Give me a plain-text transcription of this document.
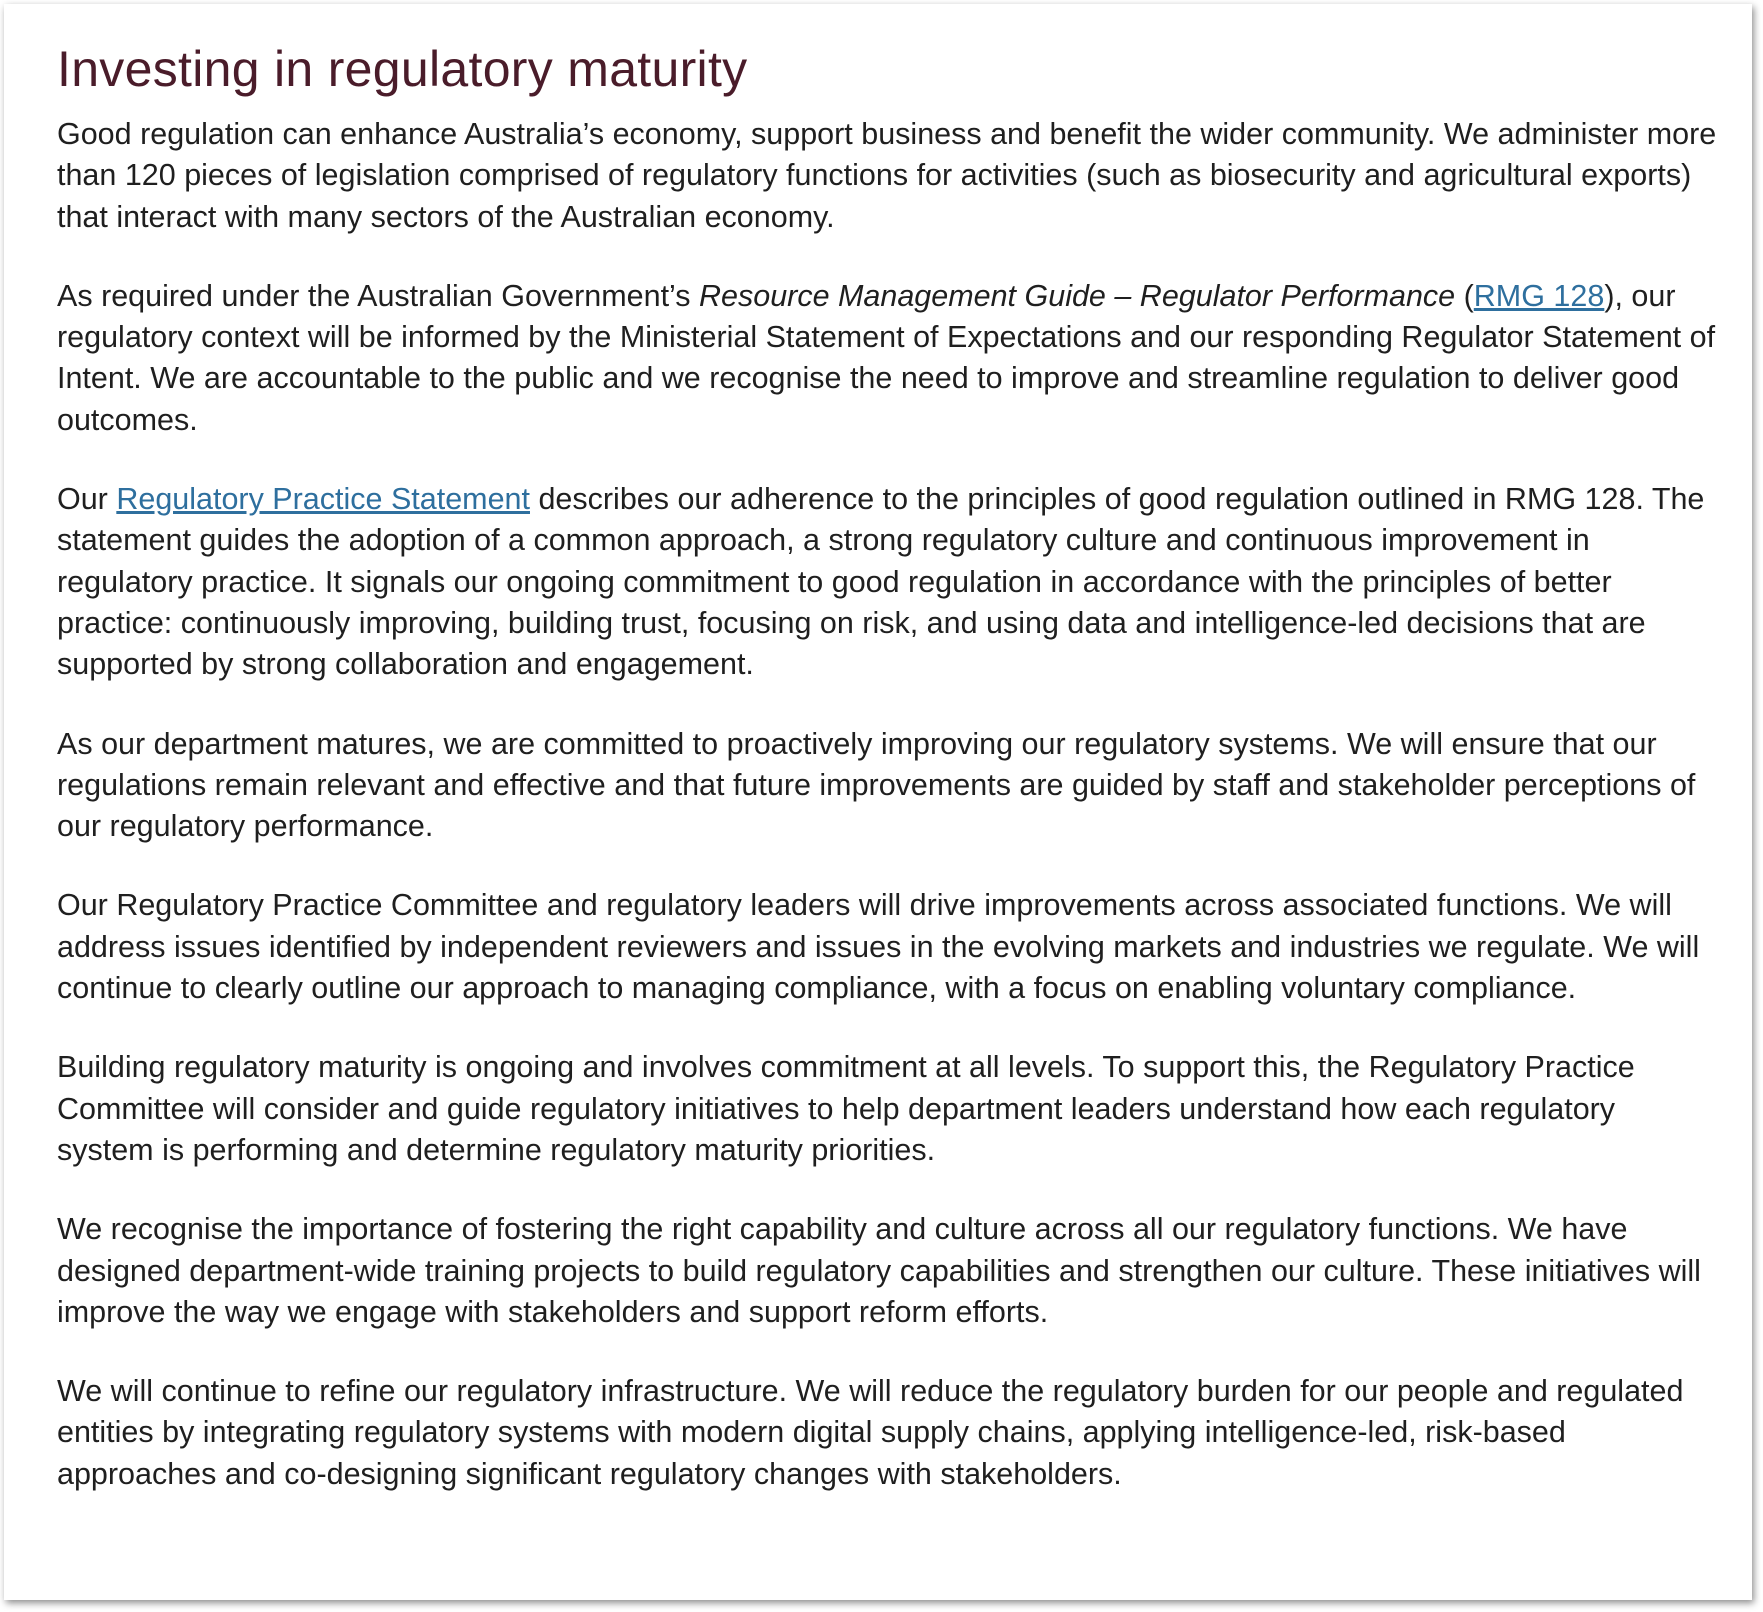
Investing in regulatory maturity

Good regulation can enhance Australia’s economy, support business and benefit the wider community. We administer more than 120 pieces of legislation comprised of regulatory functions for activities (such as biosecurity and agricultural exports) that interact with many sectors of the Australian economy.

As required under the Australian Government’s Resource Management Guide – Regulator Performance (RMG 128), our regulatory context will be informed by the Ministerial Statement of Expectations and our responding Regulator Statement of Intent. We are accountable to the public and we recognise the need to improve and streamline regulation to deliver good outcomes.

Our Regulatory Practice Statement describes our adherence to the principles of good regulation outlined in RMG 128. The statement guides the adoption of a common approach, a strong regulatory culture and continuous improvement in regulatory practice. It signals our ongoing commitment to good regulation in accordance with the principles of better practice: continuously improving, building trust, focusing on risk, and using data and intelligence-led decisions that are supported by strong collaboration and engagement.

As our department matures, we are committed to proactively improving our regulatory systems. We will ensure that our regulations remain relevant and effective and that future improvements are guided by staff and stakeholder perceptions of our regulatory performance.

Our Regulatory Practice Committee and regulatory leaders will drive improvements across associated functions. We will address issues identified by independent reviewers and issues in the evolving markets and industries we regulate. We will continue to clearly outline our approach to managing compliance, with a focus on enabling voluntary compliance.

Building regulatory maturity is ongoing and involves commitment at all levels. To support this, the Regulatory Practice Committee will consider and guide regulatory initiatives to help department leaders understand how each regulatory system is performing and determine regulatory maturity priorities.

We recognise the importance of fostering the right capability and culture across all our regulatory functions. We have designed department-wide training projects to build regulatory capabilities and strengthen our culture. These initiatives will improve the way we engage with stakeholders and support reform efforts.

We will continue to refine our regulatory infrastructure. We will reduce the regulatory burden for our people and regulated entities by integrating regulatory systems with modern digital supply chains, applying intelligence-led, risk-based approaches and co-designing significant regulatory changes with stakeholders.
